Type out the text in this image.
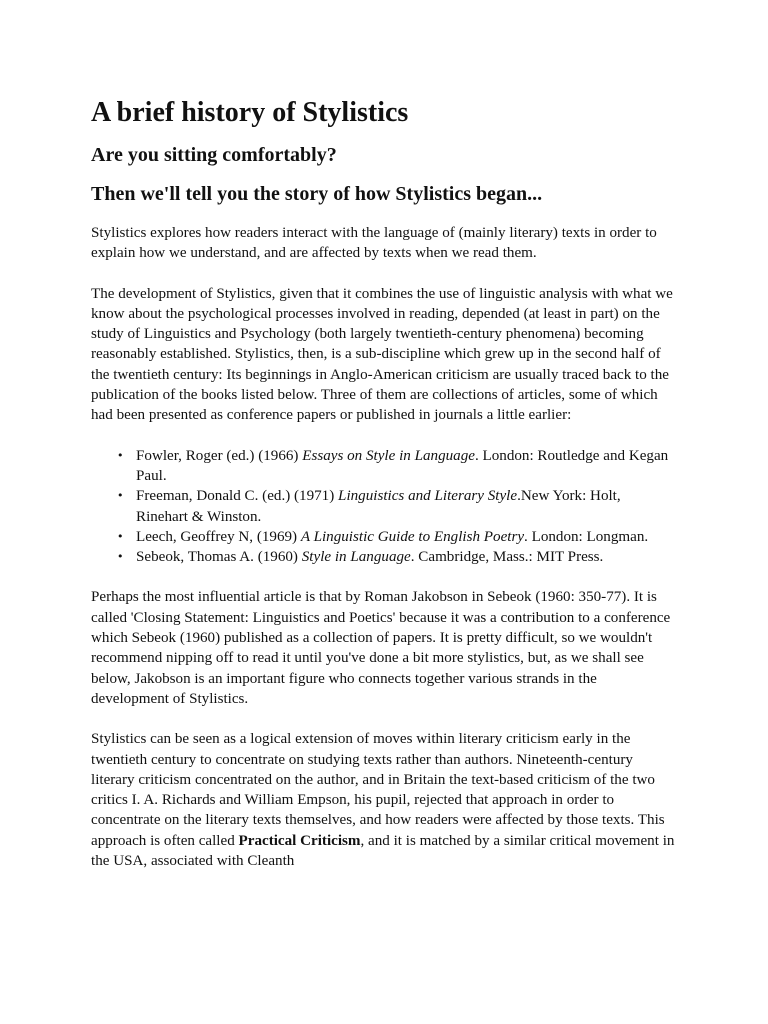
A brief history of Stylistics
Are you sitting comfortably?
Then we'll tell you the story of how Stylistics began...

Stylistics explores how readers interact with the language of (mainly literary) texts in order to explain how we understand, and are affected by texts when we read them.

The development of Stylistics, given that it combines the use of linguistic analysis with what we know about the psychological processes involved in reading, depended (at least in part) on the study of Linguistics and Psychology (both largely twentieth-century phenomena) becoming reasonably established. Stylistics, then, is a sub-discipline which grew up in the second half of the twentieth century: Its beginnings in Anglo-American criticism are usually traced back to the publication of the books listed below. Three of them are collections of articles, some of which had been presented as conference papers or published in journals a little earlier:

• Fowler, Roger (ed.) (1966) Essays on Style in Language. London: Routledge and Kegan Paul.
• Freeman, Donald C. (ed.) (1971) Linguistics and Literary Style.New York: Holt, Rinehart & Winston.
• Leech, Geoffrey N, (1969) A Linguistic Guide to English Poetry. London: Longman.
• Sebeok, Thomas A. (1960) Style in Language. Cambridge, Mass.: MIT Press.

Perhaps the most influential article is that by Roman Jakobson in Sebeok (1960: 350-77). It is called 'Closing Statement: Linguistics and Poetics' because it was a contribution to a conference which Sebeok (1960) published as a collection of papers. It is pretty difficult, so we wouldn't recommend nipping off to read it until you've done a bit more stylistics, but, as we shall see below, Jakobson is an important figure who connects together various strands in the development of Stylistics.

Stylistics can be seen as a logical extension of moves within literary criticism early in the twentieth century to concentrate on studying texts rather than authors. Nineteenth-century literary criticism concentrated on the author, and in Britain the text-based criticism of the two critics I. A. Richards and William Empson, his pupil, rejected that approach in order to concentrate on the literary texts themselves, and how readers were affected by those texts. This approach is often called Practical Criticism, and it is matched by a similar critical movement in the USA, associated with Cleanth
